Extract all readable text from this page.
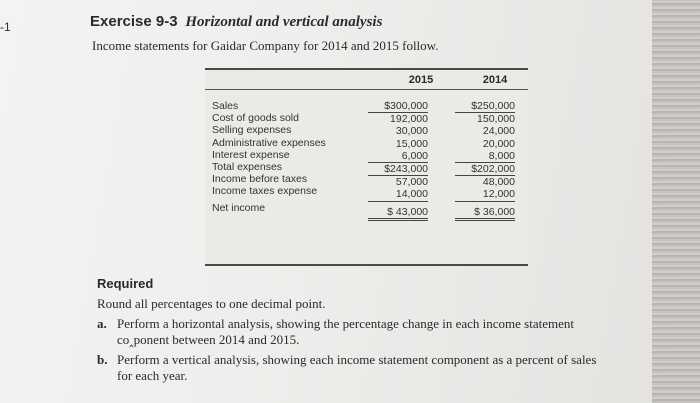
-1	Exercise 9-3 Horizontal and vertical analysis
Income statements for Gaidar Company for 2014 and 2015 follow.
2015	2014
Sales
Cost of goods sold
Selling expenses
Administrative expenses
Interest expense
Total expenses
Income before taxes
Income taxes expense
Net income
$300,000
192,000
30,000
15,000
6,000
$243,000
57,000
14,000
$ 43,000
$250,000
150,000
24,000
20,000
8,000
$202,000
48,000
12,000
$ 36,000
Required
Round all percentages to one decimal point.
a. Perform a horizontal analysis, showing the percentage change in each income statement
co‸ponent between 2014 and 2015.
b. Perform a vertical analysis, showing each income statement component as a percent of sales
for each year.
